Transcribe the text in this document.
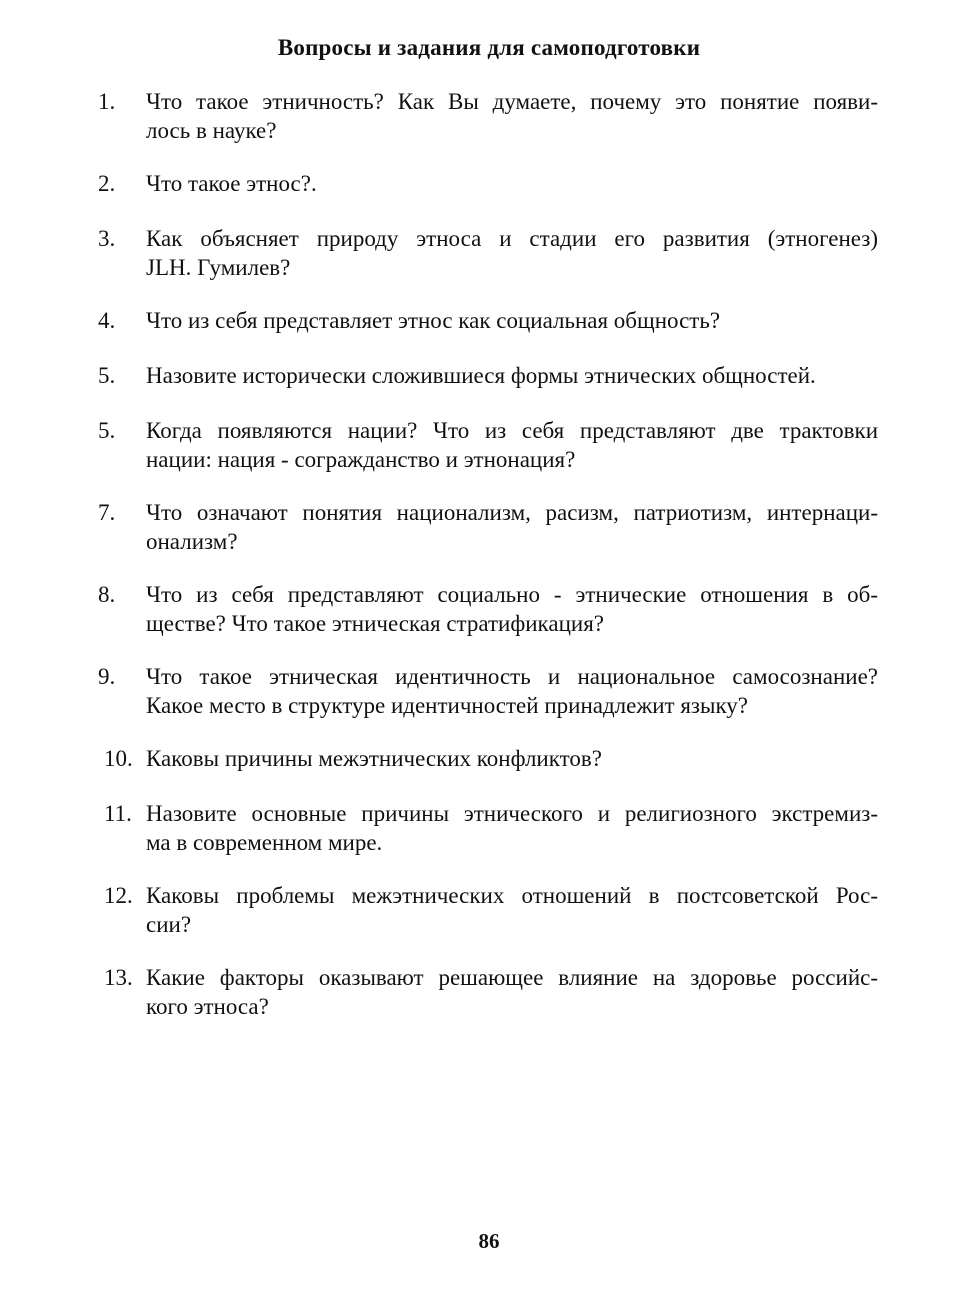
Вопросы и задания для самоподготовки
1.	Что такое этничность? Как Вы думаете, почему это понятие появи-
лось в науке?
2.	Что такое этнос?.
3.	Как объясняет природу этноса и стадии его развития (этногенез)
JLH. Гумилев?
4.	Что из себя представляет этнос как социальная общность?
5.	Назовите исторически сложившиеся формы этнических общностей.
5.	Когда появляются нации? Что из себя представляют две трактовки
нации: нация - согражданство и этнонация?
7.	Что означают понятия национализм, расизм, патриотизм, интернаци-
онализм?
8.	Что из себя представляют социально - этнические отношения в об-
ществе? Что такое этническая стратификация?
9.	Что такое этническая идентичность и национальное самосознание?
Какое место в структуре идентичностей принадлежит языку?
10. Каковы причины межэтнических конфликтов?
11. Назовите основные причины этнического и религиозного экстремиз-
ма в современном мире.
12. Каковы проблемы межэтнических отношений в постсоветской Рос-
сии?
13. Какие факторы оказывают решающее влияние на здоровье российс-
кого этноса?
86
